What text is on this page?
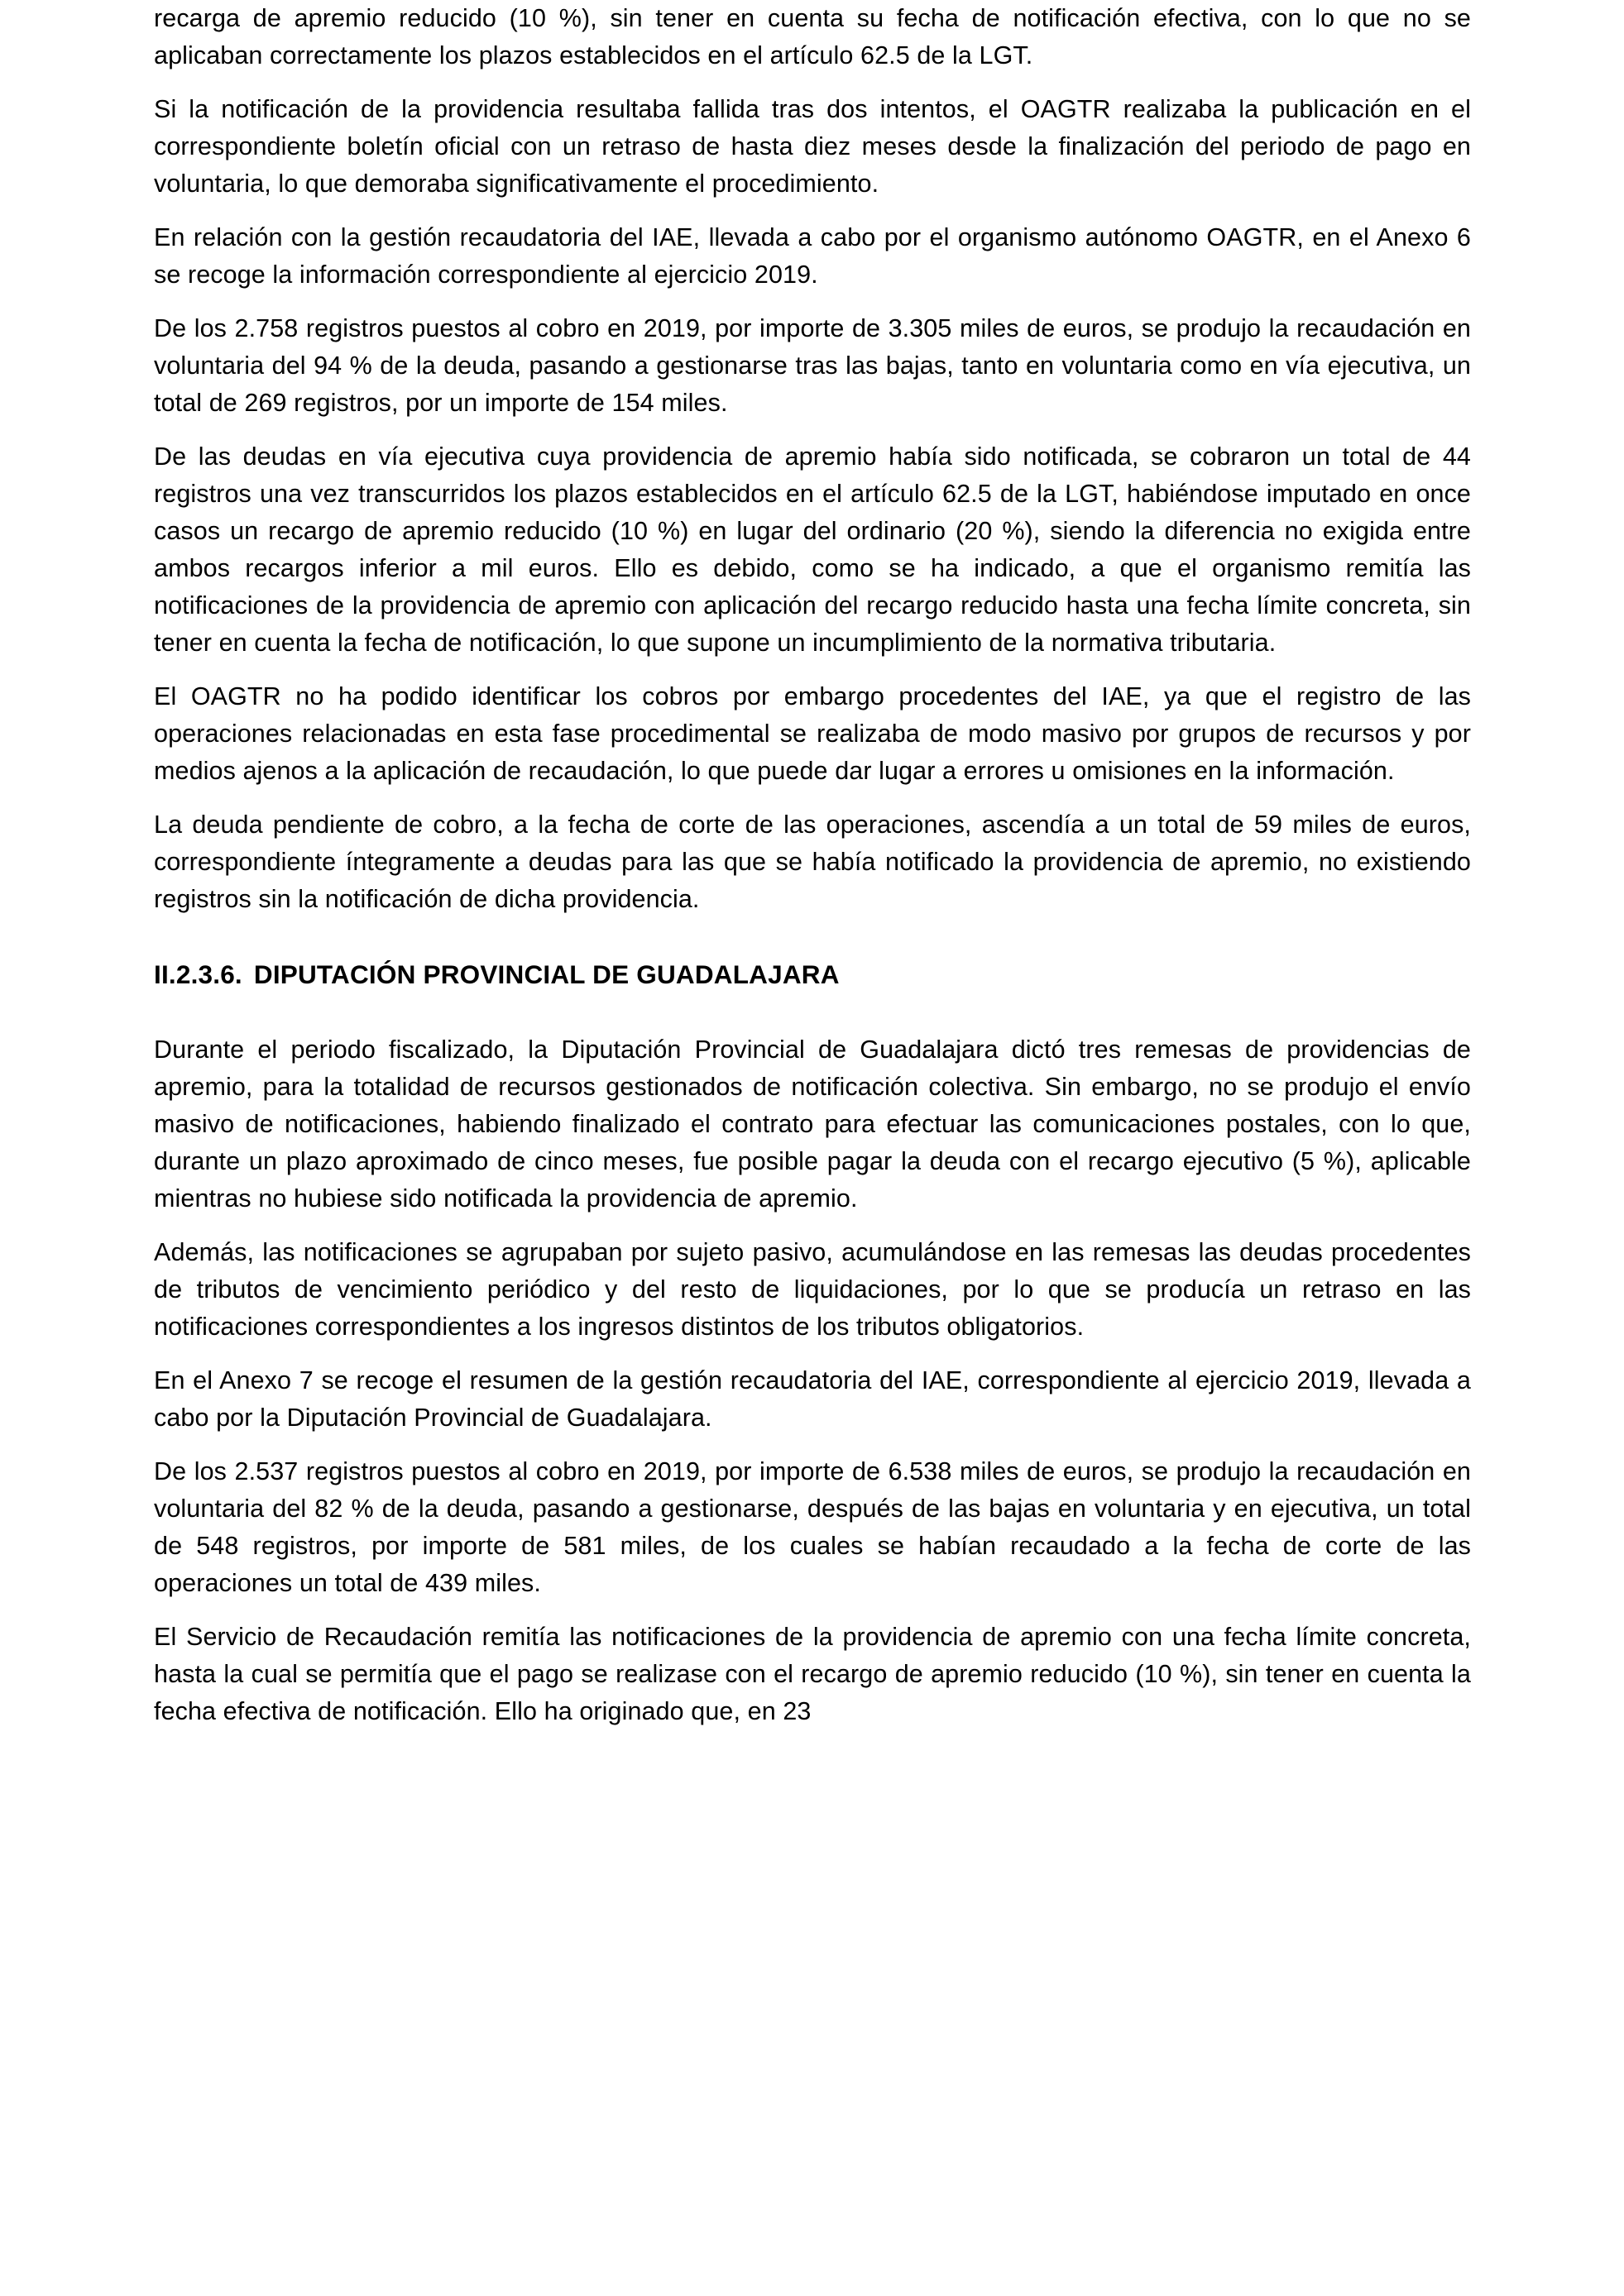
recarga de apremio reducido (10 %), sin tener en cuenta su fecha de notificación efectiva, con lo que no se aplicaban correctamente los plazos establecidos en el artículo 62.5 de la LGT.

Si la notificación de la providencia resultaba fallida tras dos intentos, el OAGTR realizaba la publicación en el correspondiente boletín oficial con un retraso de hasta diez meses desde la finalización del periodo de pago en voluntaria, lo que demoraba significativamente el procedimiento.

En relación con la gestión recaudatoria del IAE, llevada a cabo por el organismo autónomo OAGTR, en el Anexo 6 se recoge la información correspondiente al ejercicio 2019.

De los 2.758 registros puestos al cobro en 2019, por importe de 3.305 miles de euros, se produjo la recaudación en voluntaria del 94 % de la deuda, pasando a gestionarse tras las bajas, tanto en voluntaria como en vía ejecutiva, un total de 269 registros, por un importe de 154 miles.

De las deudas en vía ejecutiva cuya providencia de apremio había sido notificada, se cobraron un total de 44 registros una vez transcurridos los plazos establecidos en el artículo 62.5 de la LGT, habiéndose imputado en once casos un recargo de apremio reducido (10 %) en lugar del ordinario (20 %), siendo la diferencia no exigida entre ambos recargos inferior a mil euros. Ello es debido, como se ha indicado, a que el organismo remitía las notificaciones de la providencia de apremio con aplicación del recargo reducido hasta una fecha límite concreta, sin tener en cuenta la fecha de notificación, lo que supone un incumplimiento de la normativa tributaria.

El OAGTR no ha podido identificar los cobros por embargo procedentes del IAE, ya que el registro de las operaciones relacionadas en esta fase procedimental se realizaba de modo masivo por grupos de recursos y por medios ajenos a la aplicación de recaudación, lo que puede dar lugar a errores u omisiones en la información.

La deuda pendiente de cobro, a la fecha de corte de las operaciones, ascendía a un total de 59 miles de euros, correspondiente íntegramente a deudas para las que se había notificado la providencia de apremio, no existiendo registros sin la notificación de dicha providencia.

II.2.3.6. DIPUTACIÓN PROVINCIAL DE GUADALAJARA

Durante el periodo fiscalizado, la Diputación Provincial de Guadalajara dictó tres remesas de providencias de apremio, para la totalidad de recursos gestionados de notificación colectiva. Sin embargo, no se produjo el envío masivo de notificaciones, habiendo finalizado el contrato para efectuar las comunicaciones postales, con lo que, durante un plazo aproximado de cinco meses, fue posible pagar la deuda con el recargo ejecutivo (5 %), aplicable mientras no hubiese sido notificada la providencia de apremio.

Además, las notificaciones se agrupaban por sujeto pasivo, acumulándose en las remesas las deudas procedentes de tributos de vencimiento periódico y del resto de liquidaciones, por lo que se producía un retraso en las notificaciones correspondientes a los ingresos distintos de los tributos obligatorios.

En el Anexo 7 se recoge el resumen de la gestión recaudatoria del IAE, correspondiente al ejercicio 2019, llevada a cabo por la Diputación Provincial de Guadalajara.

De los 2.537 registros puestos al cobro en 2019, por importe de 6.538 miles de euros, se produjo la recaudación en voluntaria del 82 % de la deuda, pasando a gestionarse, después de las bajas en voluntaria y en ejecutiva, un total de 548 registros, por importe de 581 miles, de los cuales se habían recaudado a la fecha de corte de las operaciones un total de 439 miles.

El Servicio de Recaudación remitía las notificaciones de la providencia de apremio con una fecha límite concreta, hasta la cual se permitía que el pago se realizase con el recargo de apremio reducido (10 %), sin tener en cuenta la fecha efectiva de notificación. Ello ha originado que, en 23
